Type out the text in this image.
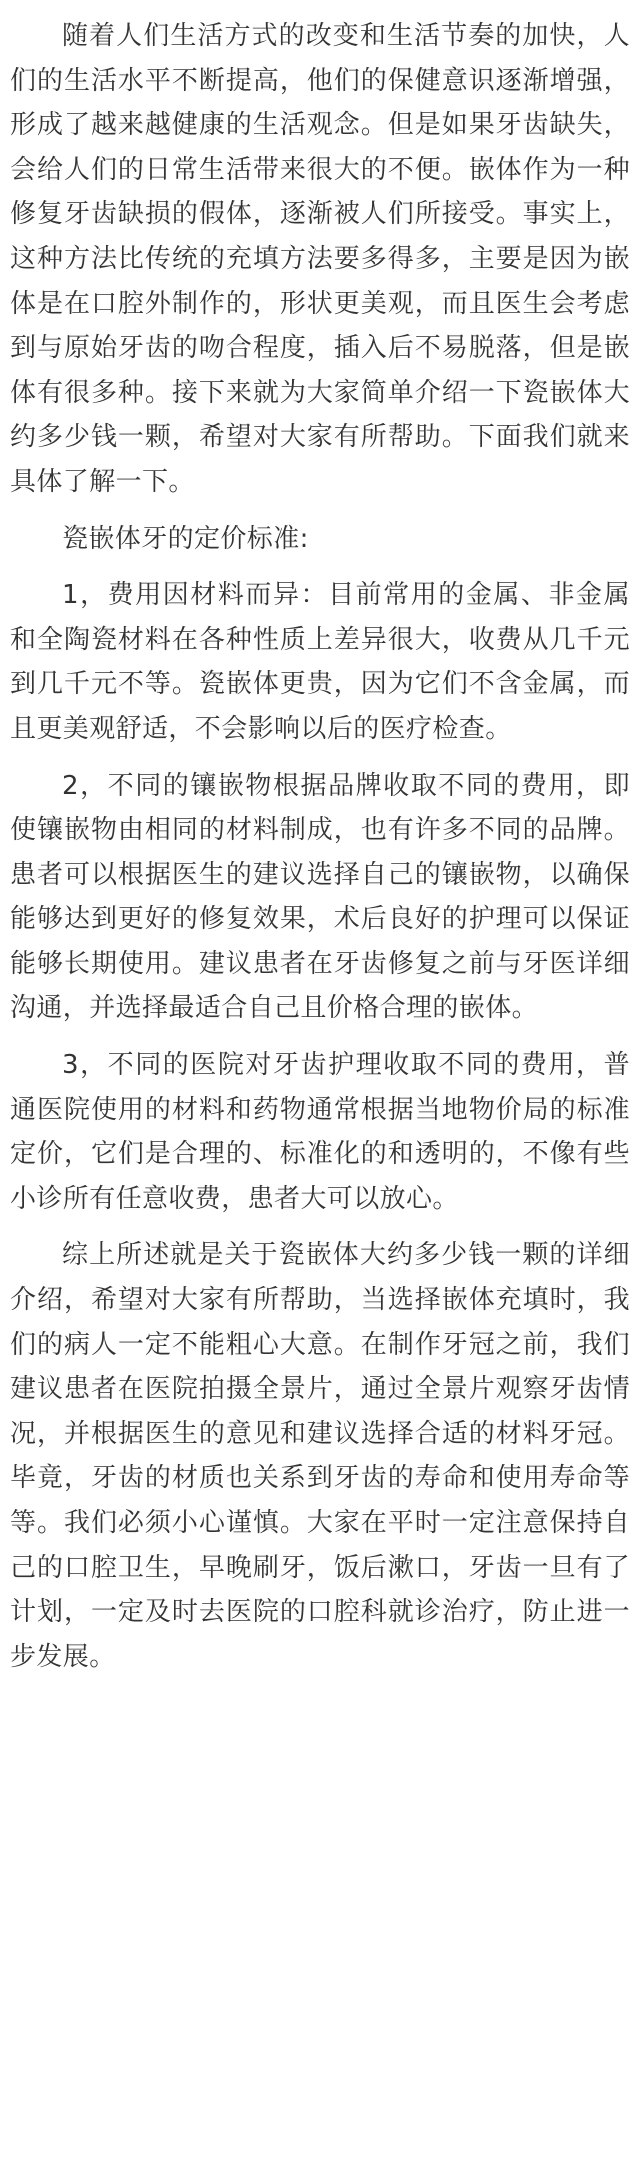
随着人们生活方式的改变和生活节奏的加快，人们的生活水平不断提高，他们的保健意识逐渐增强，形成了越来越健康的生活观念。但是如果牙齿缺失，会给人们的日常生活带来很大的不便。嵌体作为一种修复牙齿缺损的假体，逐渐被人们所接受。事实上，这种方法比传统的充填方法要多得多，主要是因为嵌体是在口腔外制作的，形状更美观，而且医生会考虑到与原始牙齿的吻合程度，插入后不易脱落，但是嵌体有很多种。接下来就为大家简单介绍一下瓷嵌体大约多少钱一颗，希望对大家有所帮助。下面我们就来具体了解一下。

瓷嵌体牙的定价标准:

1，费用因材料而异：目前常用的金属、非金属和全陶瓷材料在各种性质上差异很大，收费从几千元到几千元不等。瓷嵌体更贵，因为它们不含金属，而且更美观舒适，不会影响以后的医疗检查。

2，不同的镶嵌物根据品牌收取不同的费用，即使镶嵌物由相同的材料制成，也有许多不同的品牌。患者可以根据医生的建议选择自己的镶嵌物，以确保能够达到更好的修复效果，术后良好的护理可以保证能够长期使用。建议患者在牙齿修复之前与牙医详细沟通，并选择最适合自己且价格合理的嵌体。

3，不同的医院对牙齿护理收取不同的费用，普通医院使用的材料和药物通常根据当地物价局的标准定价，它们是合理的、标准化的和透明的，不像有些小诊所有任意收费，患者大可以放心。

综上所述就是关于瓷嵌体大约多少钱一颗的详细介绍，希望对大家有所帮助，当选择嵌体充填时，我们的病人一定不能粗心大意。在制作牙冠之前，我们建议患者在医院拍摄全景片，通过全景片观察牙齿情况，并根据医生的意见和建议选择合适的材料牙冠。毕竟，牙齿的材质也关系到牙齿的寿命和使用寿命等等。我们必须小心谨慎。大家在平时一定注意保持自己的口腔卫生，早晚刷牙，饭后漱口，牙齿一旦有了计划，一定及时去医院的口腔科就诊治疗，防止进一步发展。
